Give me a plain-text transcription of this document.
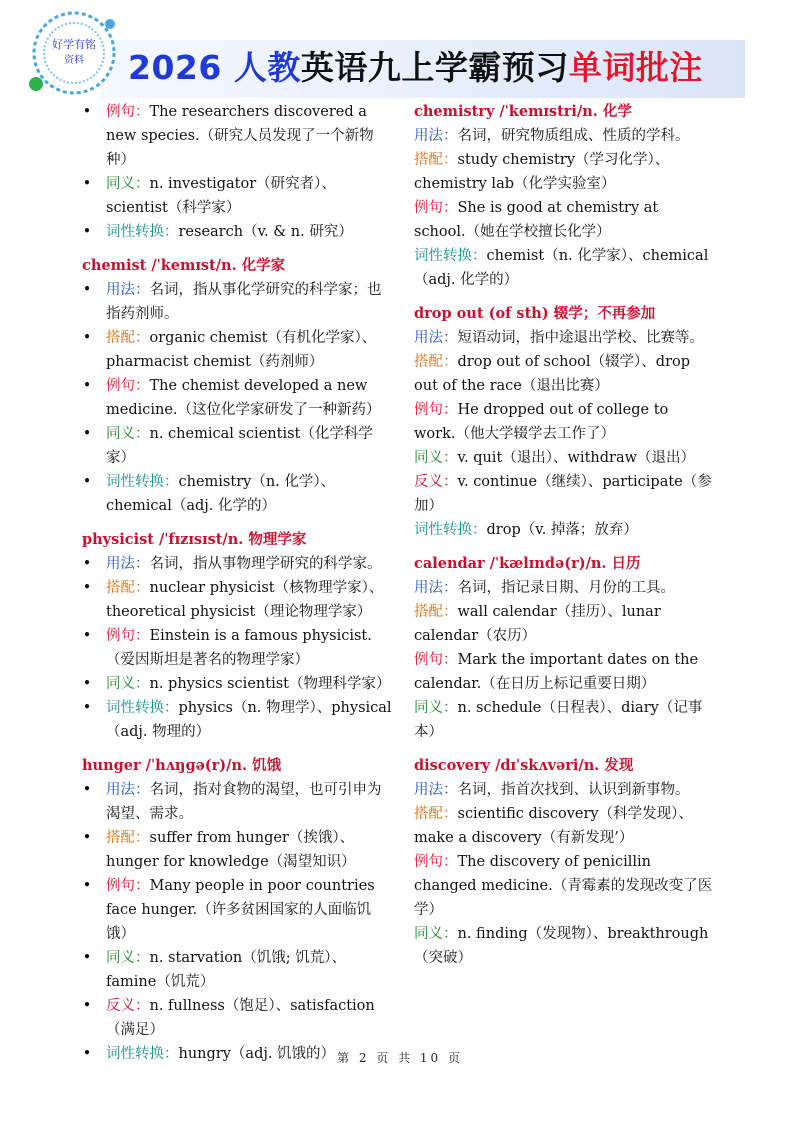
好学有铭
资料 2026 人教英语九上学霸预习单词批注
• 例句：The researchers discovered a new species.（研究人员发现了一个新物种）
• 同义：n. investigator（研究者）、scientist（科学家）
• 词性转换：research（v. & n. 研究）
chemist /ˈkemɪst/n. 化学家
• 用法：名词，指从事化学研究的科学家；也指药剂师。
• 搭配：organic chemist（有机化学家）、pharmacist chemist（药剂师）
• 例句：The chemist developed a new medicine.（这位化学家研发了一种新药）
• 同义：n. chemical scientist（化学科学家）
• 词性转换：chemistry（n. 化学）、chemical（adj. 化学的）
physicist /ˈfɪzɪsɪst/n. 物理学家
• 用法：名词，指从事物理学研究的科学家。
• 搭配：nuclear physicist（核物理学家）、theoretical physicist（理论物理学家）
• 例句：Einstein is a famous physicist.（爱因斯坦是著名的物理学家）
• 同义：n. physics scientist（物理科学家）
• 词性转换：physics（n. 物理学）、physical（adj. 物理的）
hunger /ˈhʌŋɡə(r)/n. 饥饿
• 用法：名词，指对食物的渴望，也可引申为渴望、需求。
• 搭配：suffer from hunger（挨饿）、hunger for knowledge（渴望知识）
• 例句：Many people in poor countries face hunger.（许多贫困国家的人面临饥饿）
• 同义：n. starvation（饥饿; 饥荒）、famine（饥荒）
• 反义：n. fullness（饱足）、satisfaction（满足）
• 词性转换：hungry（adj. 饥饿的）
chemistry /ˈkemɪstri/n. 化学
用法：名词，研究物质组成、性质的学科。
搭配：study chemistry（学习化学）、chemistry lab（化学实验室）
例句：She is good at chemistry at school.（她在学校擅长化学）
词性转换：chemist（n. 化学家）、chemical（adj. 化学的）
drop out (of sth) 辍学；不再参加
用法：短语动词，指中途退出学校、比赛等。
搭配：drop out of school（辍学）、drop out of the race（退出比赛）
例句：He dropped out of college to work.（他大学辍学去工作了）
同义：v. quit（退出）、withdraw（退出）
反义：v. continue（继续）、participate（参加）
词性转换：drop（v. 掉落；放弃）
calendar /ˈkælɪndə(r)/n. 日历
用法：名词，指记录日期、月份的工具。
搭配：wall calendar（挂历）、lunar calendar（农历）
例句：Mark the important dates on the calendar.（在日历上标记重要日期）
同义：n. schedule（日程表）、diary（记事本）
discovery /dɪˈskʌvəri/n. 发现
用法：名词，指首次找到、认识到新事物。
搭配：scientific discovery（科学发现）、make a discovery（有新发现’）
例句：The discovery of penicillin changed medicine.（青霉素的发现改变了医学）
同义：n. finding（发现物）、breakthrough（突破）
第 2 页 共 10 页
